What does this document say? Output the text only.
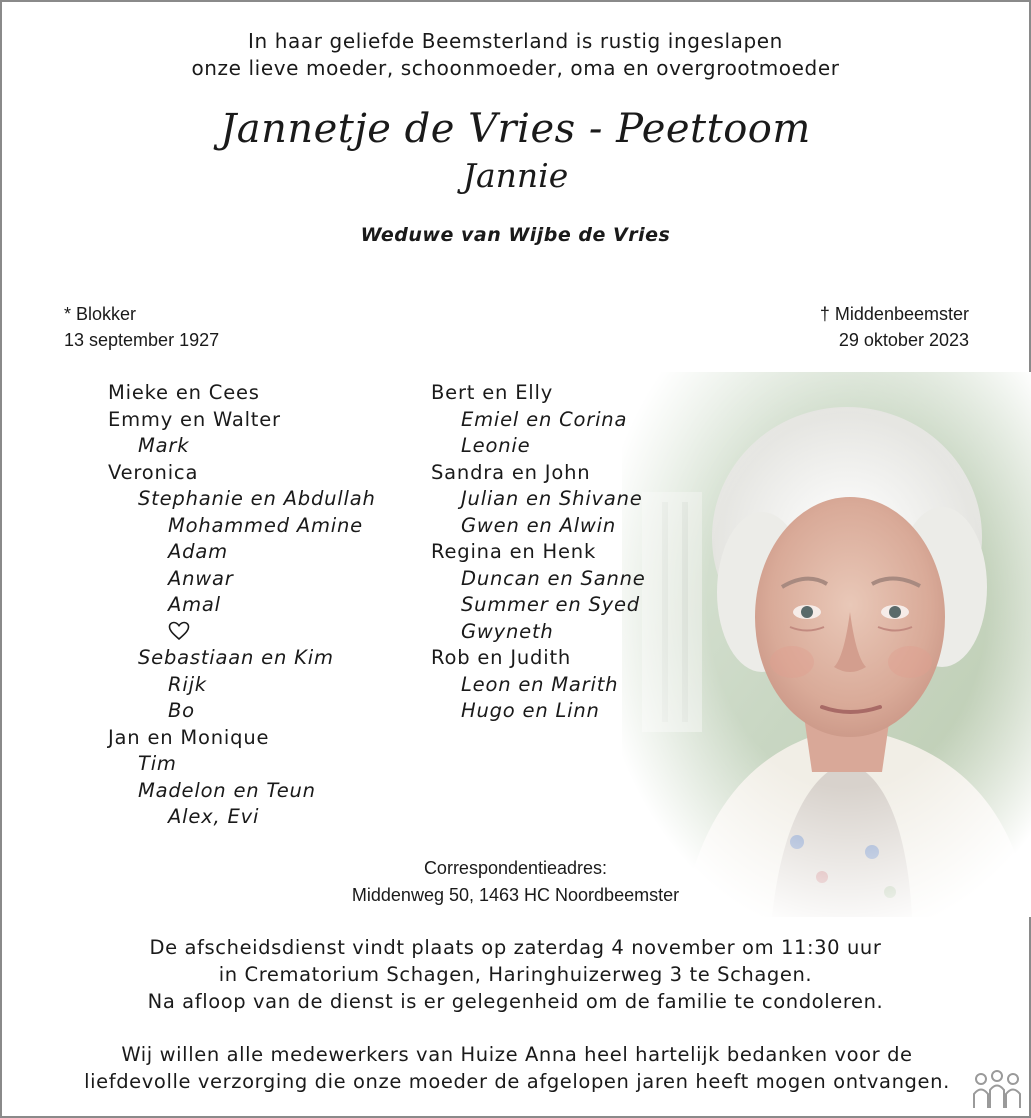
In haar geliefde Beemsterland is rustig ingeslapen
onze lieve moeder, schoonmoeder, oma en overgrootmoeder
Jannetje de Vries - Peettoom
Jannie
Weduwe van Wijbe de Vries
* Blokker
13 september 1927
† Middenbeemster
29 oktober 2023
Mieke en Cees
Emmy en Walter
Mark
Veronica
Stephanie en Abdullah
Mohammed Amine
Adam
Anwar
Amal
Sebastiaan en Kim
Rijk
Bo
Jan en Monique
Tim
Madelon en Teun
Alex, Evi
Bert en Elly
Emiel en Corina
Leonie
Sandra en John
Julian en Shivane
Gwen en Alwin
Regina en Henk
Duncan en Sanne
Summer en Syed
Gwyneth
Rob en Judith
Leon en Marith
Hugo en Linn
Correspondentieadres:
Middenweg 50, 1463 HC Noordbeemster
De afscheidsdienst vindt plaats op zaterdag 4 november om 11:30 uur
in Crematorium Schagen, Haringhuizerweg 3 te Schagen.
Na afloop van de dienst is er gelegenheid om de familie te condoleren.
Wij willen alle medewerkers van Huize Anna heel hartelijk bedanken voor de
liefdevolle verzorging die onze moeder de afgelopen jaren heeft mogen ontvangen.
